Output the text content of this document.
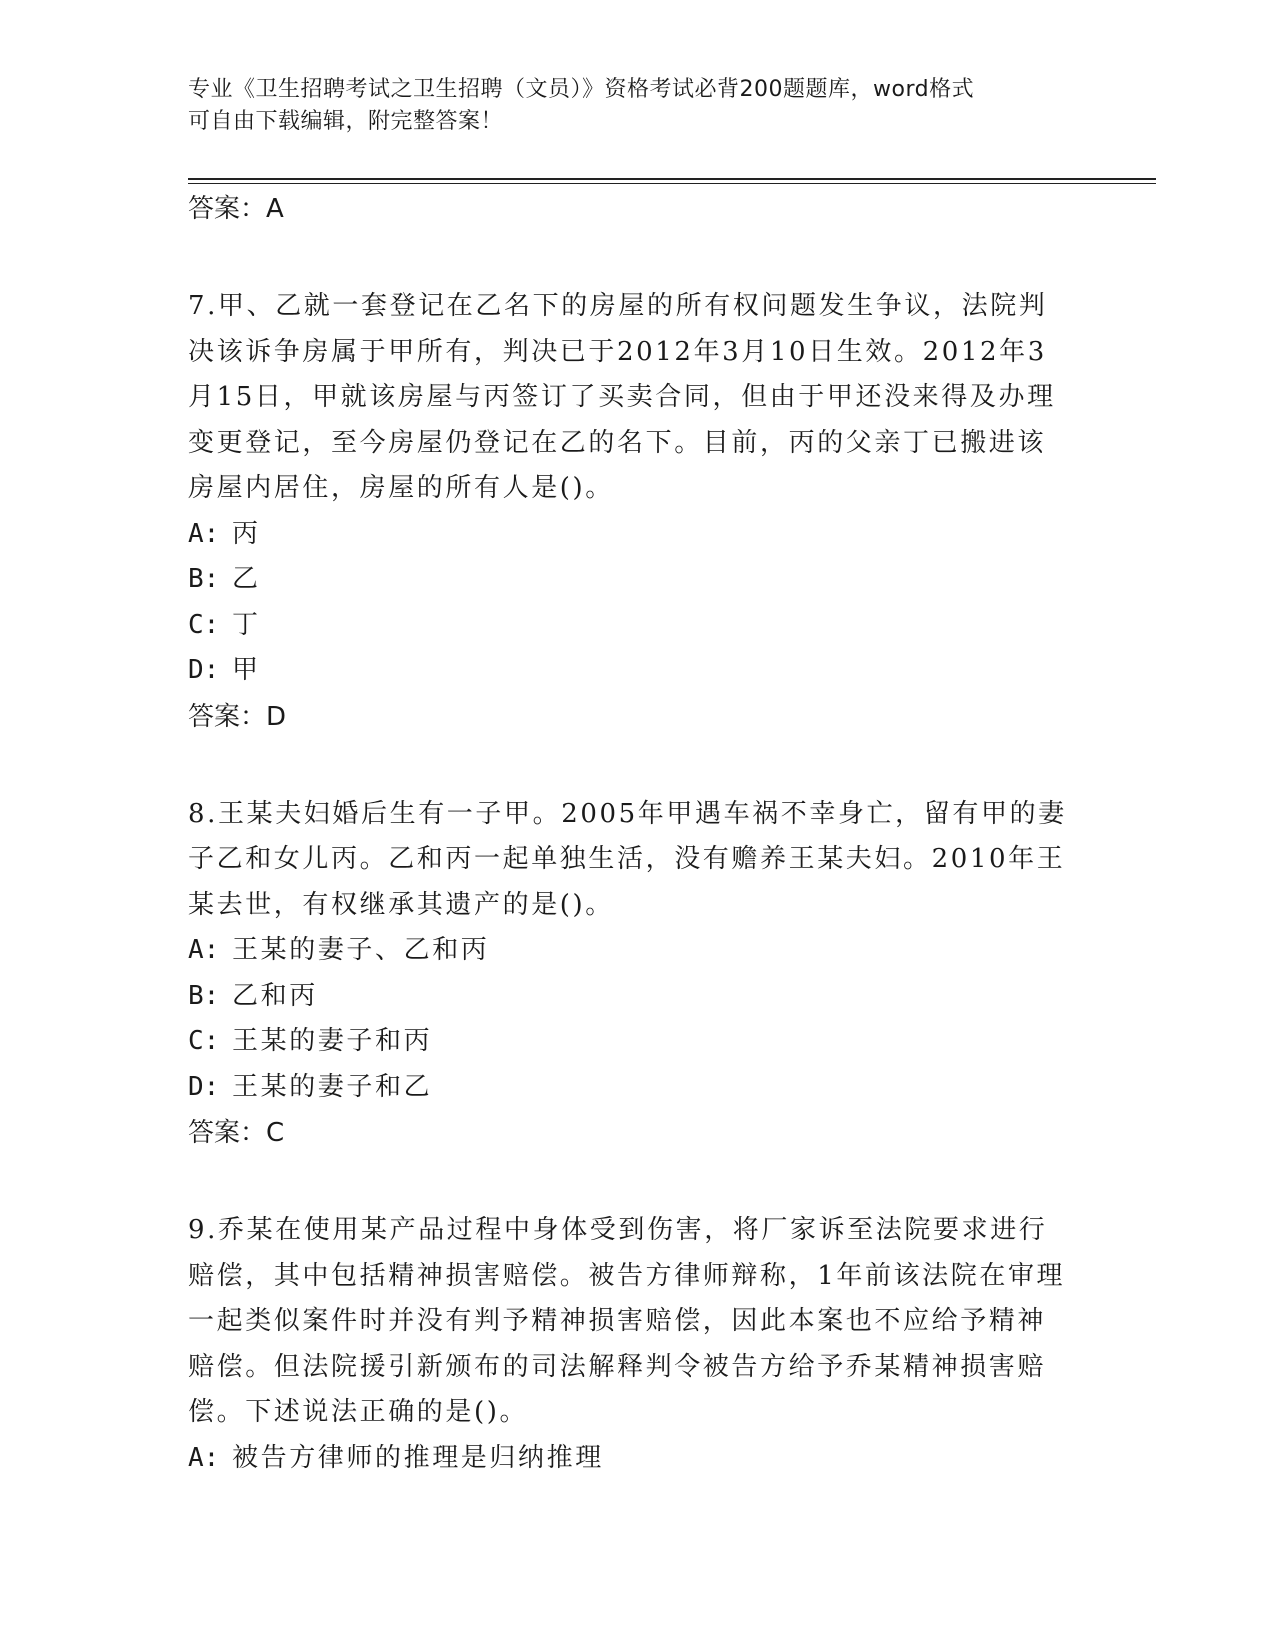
专业《卫生招聘考试之卫生招聘（文员）》资格考试必背200题题库，word格式
可自由下载编辑，附完整答案！

答案：A

7.甲、乙就一套登记在乙名下的房屋的所有权问题发生争议，法院判

决该诉争房属于甲所有，判决已于2012年3月10日生效。2012年3

月15日，甲就该房屋与丙签订了买卖合同，但由于甲还没来得及办理

变更登记，至今房屋仍登记在乙的名下。目前，丙的父亲丁已搬进该

房屋内居住，房屋的所有人是()。

A: 丙

B: 乙

C: 丁

D: 甲

答案：D

8.王某夫妇婚后生有一子甲。2005年甲遇车祸不幸身亡，留有甲的妻

子乙和女儿丙。乙和丙一起单独生活，没有赡养王某夫妇。2010年王

某去世，有权继承其遗产的是()。

A: 王某的妻子、乙和丙

B: 乙和丙

C: 王某的妻子和丙

D: 王某的妻子和乙

答案：C

9.乔某在使用某产品过程中身体受到伤害，将厂家诉至法院要求进行

赔偿，其中包括精神损害赔偿。被告方律师辩称，1年前该法院在审理

一起类似案件时并没有判予精神损害赔偿，因此本案也不应给予精神

赔偿。但法院援引新颁布的司法解释判令被告方给予乔某精神损害赔

偿。下述说法正确的是()。

A: 被告方律师的推理是归纳推理
